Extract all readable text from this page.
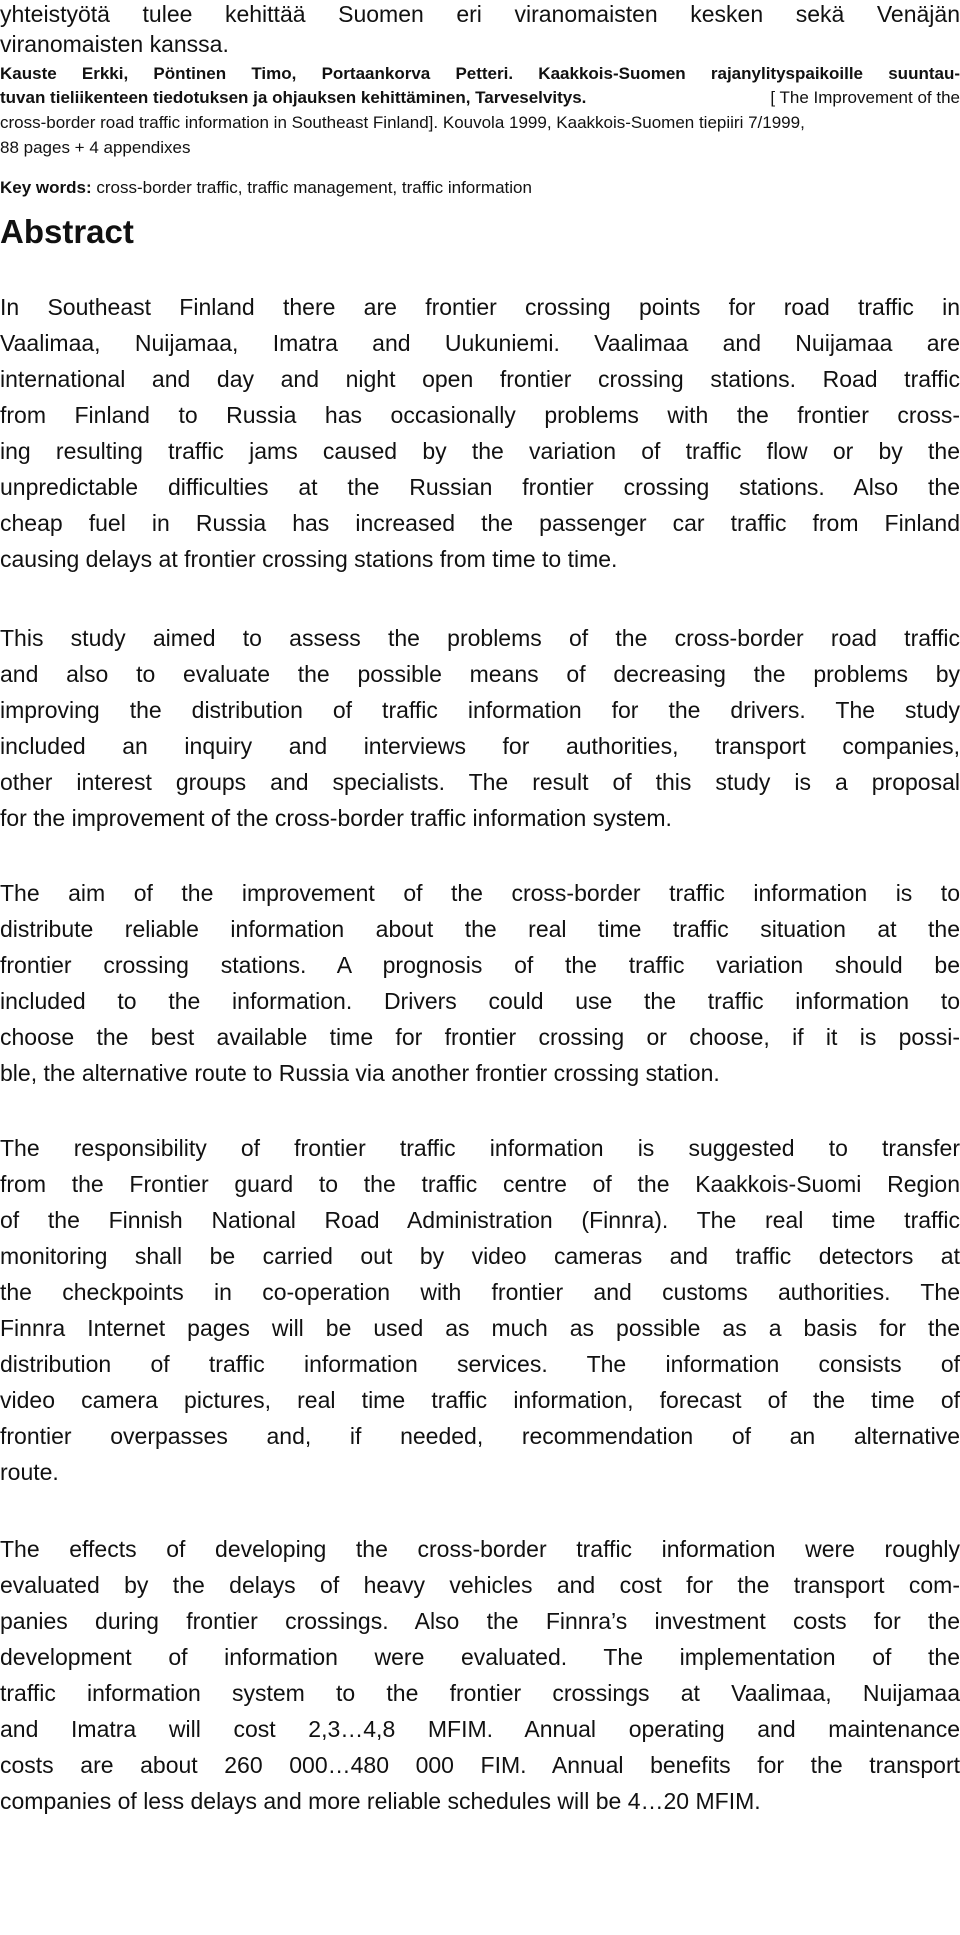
yhteistyötä tulee kehittää Suomen eri viranomaisten kesken sekä Venäjän
viranomaisten kanssa.
Kauste Erkki, Pöntinen Timo, Portaankorva Petteri. Kaakkois-Suomen rajanylityspaikoille suuntau-
tuvan tieliikenteen tiedotuksen ja ohjauksen kehittäminen, Tarveselvitys.	[ The Improvement of the
cross-border road traffic information in Southeast Finland]. Kouvola 1999, Kaakkois-Suomen tiepiiri 7/1999,
88 pages + 4 appendixes
Key words: cross-border traffic, traffic management, traffic information
Abstract
In Southeast Finland there are frontier crossing points for road traffic in
Vaalimaa, Nuijamaa, Imatra and Uukuniemi. Vaalimaa and Nuijamaa are
international and day and night open frontier crossing stations. Road traffic
from Finland to Russia has occasionally problems with the frontier cross-
ing resulting traffic jams caused by the variation of traffic flow or by the
unpredictable difficulties at the Russian frontier crossing stations. Also the
cheap fuel in Russia has increased the passenger car traffic from Finland
causing delays at frontier crossing stations from time to time.
This study aimed to assess the problems of the cross-border road traffic
and also to evaluate the possible means of decreasing the problems by
improving the distribution of traffic information for the drivers. The study
included an inquiry and interviews for authorities, transport companies,
other interest groups and specialists. The result of this study is a proposal
for the improvement of the cross-border traffic information system.
The aim of the improvement of the cross-border traffic information is to
distribute reliable information about the real time traffic situation at the
frontier crossing stations. A prognosis of the traffic variation should be
included to the information. Drivers could use the traffic information to
choose the best available time for frontier crossing or choose, if it is possi-
ble, the alternative route to Russia via another frontier crossing station.
The responsibility of frontier traffic information is suggested to transfer
from the Frontier guard to the traffic centre of the Kaakkois-Suomi Region
of the Finnish National Road Administration (Finnra). The real time traffic
monitoring shall be carried out by video cameras and traffic detectors at
the checkpoints in co-operation with frontier and customs authorities. The
Finnra Internet pages will be used as much as possible as a basis for the
distribution of traffic information services. The information consists of
video camera pictures, real time traffic information, forecast of the time of
frontier overpasses and, if needed, recommendation of an alternative
route.
The effects of developing the cross-border traffic information were roughly
evaluated by the delays of heavy vehicles and cost for the transport com-
panies during frontier crossings. Also the Finnra’s investment costs for the
development of information were evaluated. The implementation of the
traffic information system to the frontier crossings at Vaalimaa, Nuijamaa
and Imatra will cost 2,3…4,8 MFIM. Annual operating and maintenance
costs are about 260 000…480 000 FIM. Annual benefits for the transport
companies of less delays and more reliable schedules will be 4…20 MFIM.
